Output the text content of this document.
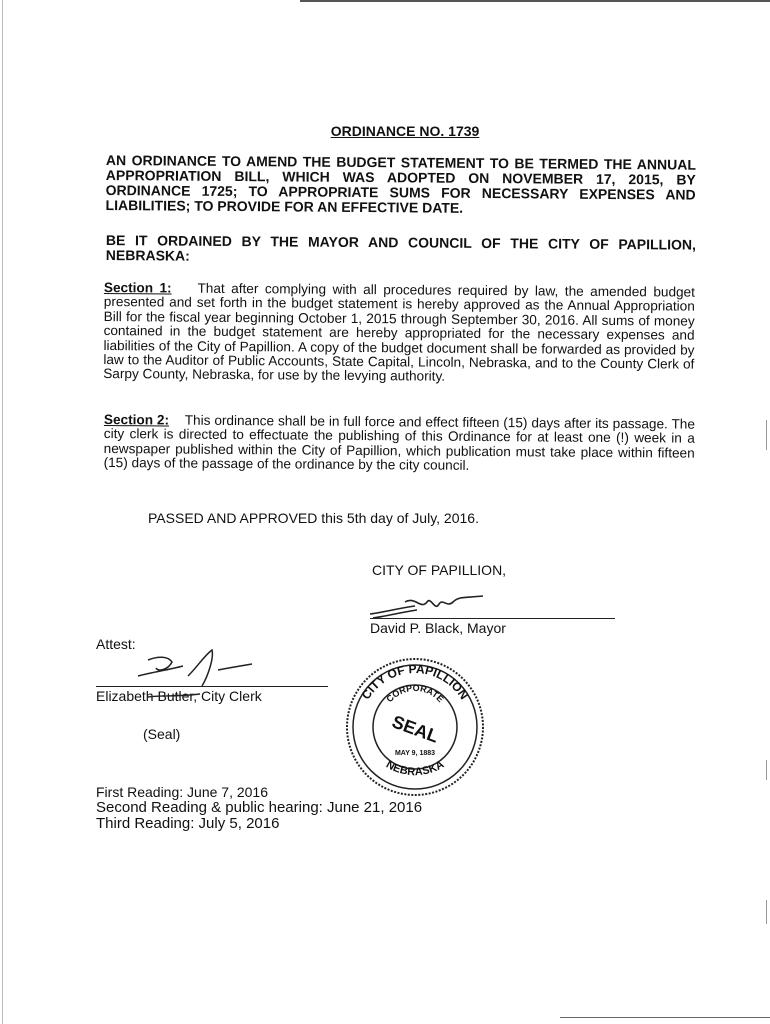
ORDINANCE NO. 1739
AN ORDINANCE TO AMEND THE BUDGET STATEMENT TO BE TERMED THE ANNUAL APPROPRIATION BILL, WHICH WAS ADOPTED ON NOVEMBER 17, 2015, BY ORDINANCE 1725; TO APPROPRIATE SUMS FOR NECESSARY EXPENSES AND LIABILITIES; TO PROVIDE FOR AN EFFECTIVE DATE.
BE IT ORDAINED BY THE MAYOR AND COUNCIL OF THE CITY OF PAPILLION, NEBRASKA:
Section 1: That after complying with all procedures required by law, the amended budget presented and set forth in the budget statement is hereby approved as the Annual Appropriation Bill for the fiscal year beginning October 1, 2015 through September 30, 2016. All sums of money contained in the budget statement are hereby appropriated for the necessary expenses and liabilities of the City of Papillion. A copy of the budget document shall be forwarded as provided by law to the Auditor of Public Accounts, State Capital, Lincoln, Nebraska, and to the County Clerk of Sarpy County, Nebraska, for use by the levying authority.
Section 2: This ordinance shall be in full force and effect fifteen (15) days after its passage. The city clerk is directed to effectuate the publishing of this Ordinance for at least one (!) week in a newspaper published within the City of Papillion, which publication must take place within fifteen (15) days of the passage of the ordinance by the city council.
PASSED AND APPROVED this 5th day of July, 2016.
CITY OF PAPILLION,
David P. Black, Mayor
Attest:
Elizabeth Butler, City Clerk
(Seal)
CITY OF PAPILLION
NEBRASKA
CORPORATE
SEAL
MAY 9, 1883
First Reading: June 7, 2016
Second Reading & public hearing: June 21, 2016
Third Reading: July 5, 2016
